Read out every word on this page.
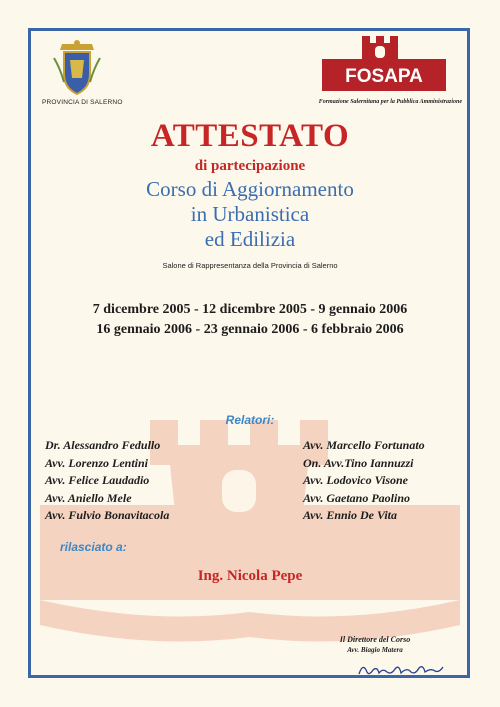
PROVINCIA DI SALERNO
FOSAPA
Formazione Salernitana per la Pubblica Amministrazione
ATTESTATO
di partecipazione
Corso di Aggiornamento
in Urbanistica
ed Edilizia
Salone di Rappresentanza della Provincia di Salerno
7 dicembre 2005 - 12 dicembre 2005 - 9 gennaio 2006
16 gennaio 2006 - 23 gennaio 2006 - 6 febbraio 2006
Relatori:
Dr. Alessandro Fedullo
Avv. Lorenzo Lentini
Avv. Felice Laudadio
Avv. Aniello Mele
Avv. Fulvio Bonavitacola
Avv. Marcello Fortunato
On. Avv.Tino Iannuzzi
Avv. Lodovico Visone
Avv. Gaetano Paolino
Avv. Ennio De Vita
rilasciato a:
Ing. Nicola Pepe
Il Direttore del Corso
Avv. Biagio Matera
